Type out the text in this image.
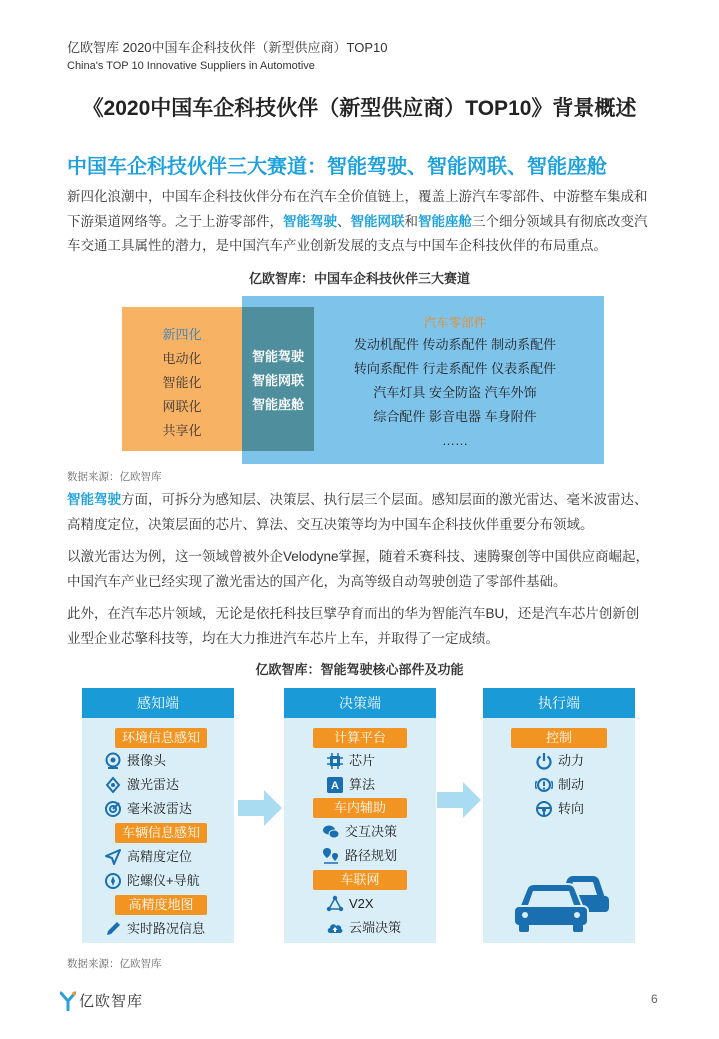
亿欧智库 2020中国车企科技伙伴（新型供应商）TOP10
China's TOP 10 Innovative Suppliers in Automotive
《2020中国车企科技伙伴（新型供应商）TOP10》背景概述
中国车企科技伙伴三大赛道：智能驾驶、智能网联、智能座舱
新四化浪潮中，中国车企科技伙伴分布在汽车全价值链上，覆盖上游汽车零部件、中游整车集成和下游渠道网络等。之于上游零部件，智能驾驶、智能网联和智能座舱三个细分领域具有彻底改变汽车交通工具属性的潜力，是中国汽车产业创新发展的支点与中国车企科技伙伴的布局重点。
亿欧智库：中国车企科技伙伴三大赛道
新四化
电动化
智能化
网联化
共享化
智能驾驶
智能网联
智能座舱
汽车零部件
发动机配件 传动系配件 制动系配件
转向系配件 行走系配件 仪表系配件
汽车灯具 安全防盗 汽车外饰
综合配件 影音电器 车身附件
……
数据来源：亿欧智库
智能驾驶方面，可拆分为感知层、决策层、执行层三个层面。感知层面的激光雷达、毫米波雷达、高精度定位，决策层面的芯片、算法、交互决策等均为中国车企科技伙伴重要分布领域。
以激光雷达为例，这一领域曾被外企Velodyne掌握，随着禾赛科技、速腾聚创等中国供应商崛起，中国汽车产业已经实现了激光雷达的国产化，为高等级自动驾驶创造了零部件基础。
此外，在汽车芯片领域，无论是依托科技巨擘孕育而出的华为智能汽车BU，还是汽车芯片创新创业型企业芯擎科技等，均在大力推进汽车芯片上车，并取得了一定成绩。
亿欧智库：智能驾驶核心部件及功能
感知端
环境信息感知
摄像头
激光雷达
毫米波雷达
车辆信息感知
高精度定位
陀螺仪+导航
高精度地图
实时路况信息
决策端
计算平台
芯片
A 算法
车内辅助
交互决策
路径规划
车联网
V2X
云端决策
执行端
控制
动力
制动
转向
数据来源：亿欧智库
亿欧智库	6
